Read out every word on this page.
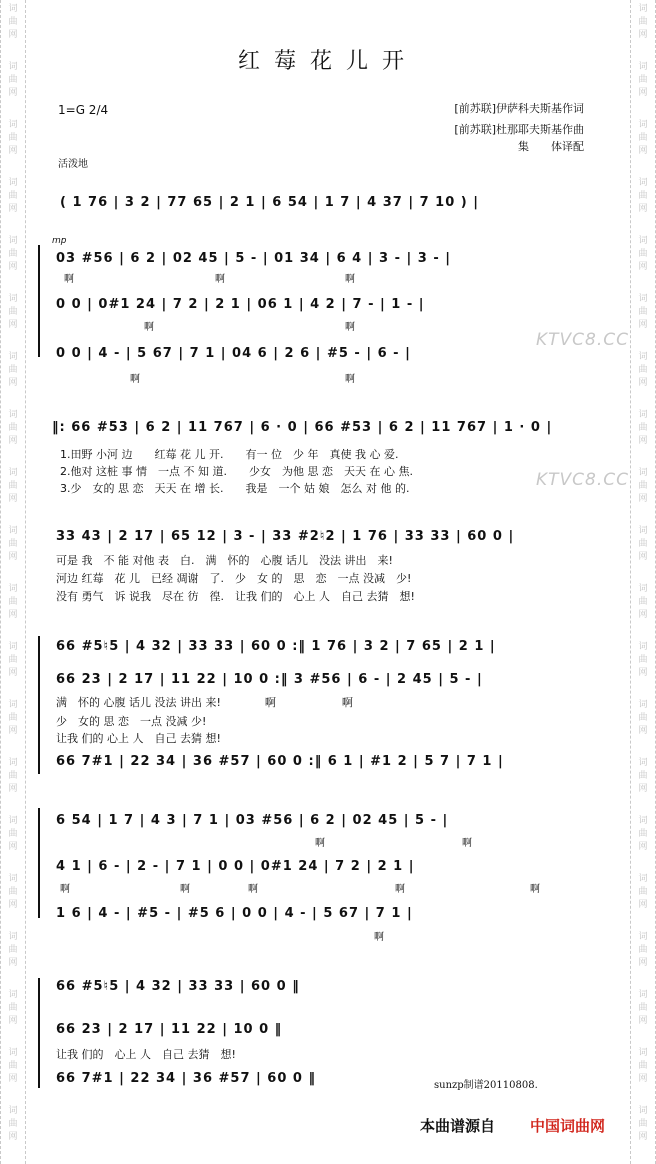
词
曲
网
词
曲
网
词
曲
网
词
曲
网
词
曲
网
词
曲
网
词
曲
网
词
曲
网
词
曲
网
词
曲
网
词
曲
网
词
曲
网
词
曲
网
词
曲
网
词
曲
网
词
曲
网
词
曲
网
词
曲
网
词
曲
网
词
曲
网
词
曲
网
词
曲
网
词
曲
网
词
曲
网
词
曲
网
词
曲
网
词
曲
网
词
曲
网
词
曲
网
词
曲
网
词
曲
网
词
曲
网
词
曲
网
词
曲
网
词
曲
网
词
曲
网
词
曲
网
词
曲
网
词
曲
网
词
曲
网
红莓花儿开
1=G 2/4	[前苏联]伊萨科夫斯基作词
[前苏联]杜那耶夫斯基作曲
集　　体译配
活泼地
( 1 76 | 3 2 | 77 65 | 2 1 | 6 54 | 1 7 | 4 37 | 7 10 ) |
mp
03 #56 | 6 2 | 02 45 | 5 - | 01 34 | 6 4 | 3 - | 3 - |
啊	啊	啊
0 0 | 0#1 24 | 7 2 | 2 1 | 06 1 | 4 2 | 7 - | 1 - |
啊	啊
0 0 | 4 - | 5 67 | 7 1 | 04 6 | 2 6 | #5 - | 6 - |
啊	啊
KTVC8.CC
‖: 66 #53 | 6 2 | 11 767 | 6 · 0 | 66 #53 | 6 2 | 11 767 | 1 · 0 |
1.田野 小河 边　　红莓 花 儿 开.　　有一 位　少 年　真使 我 心 爱.
2.他对 这桩 事 情　一点 不 知 道.　　少女　为他 思 恋　天天 在 心 焦.
3.少　女的 思 恋　天天 在 增 长.　　我是　一个 姑 娘　怎么 对 他 的.	KTVC8.CC
33 43 | 2 17 | 65 12 | 3 - | 33 #2♮2 | 1 76 | 33 33 | 60 0 |
可是 我　不 能 对他 表　白.　满　怀的　心腹 话儿　没法 讲出　来!
河边 红莓　花 儿　已经 凋谢　了.　少　女 的　思　恋　一点 没减　少!
没有 勇气　诉 说我　尽在 彷　徨.　让我 们的　心上 人　自己 去猜　想!
66 #5♮5 | 4 32 | 33 33 | 60 0 :‖ 1 76 | 3 2 | 7 65 | 2 1 |
66 23 | 2 17 | 11 22 | 10 0 :‖ 3 #56 | 6 - | 2 45 | 5 - |
满　怀的 心腹 话儿 没法 讲出 来!　　　　啊　　　　　　啊
少　女的 思 恋　一点 没减 少!
让我 们的 心上 人　自己 去猜 想!
66 7#1 | 22 34 | 36 #57 | 60 0 :‖ 6 1 | #1 2 | 5 7 | 7 1 |
6 54 | 1 7 | 4 3 | 7 1 | 03 #56 | 6 2 | 02 45 | 5 - |
啊	啊
4 1 | 6 - | 2 - | 7 1 | 0 0 | 0#1 24 | 7 2 | 2 1 |
啊	啊	啊	啊	啊
1 6 | 4 - | #5 - | #5 6 | 0 0 | 4 - | 5 67 | 7 1 |
啊
66 #5♮5 | 4 32 | 33 33 | 60 0 ‖
66 23 | 2 17 | 11 22 | 10 0 ‖
让我 们的　心上 人　自己 去猜　想!
66 7#1 | 22 34 | 36 #57 | 60 0 ‖	sunzp制谱20110808.
本曲谱源自 中国词曲网
